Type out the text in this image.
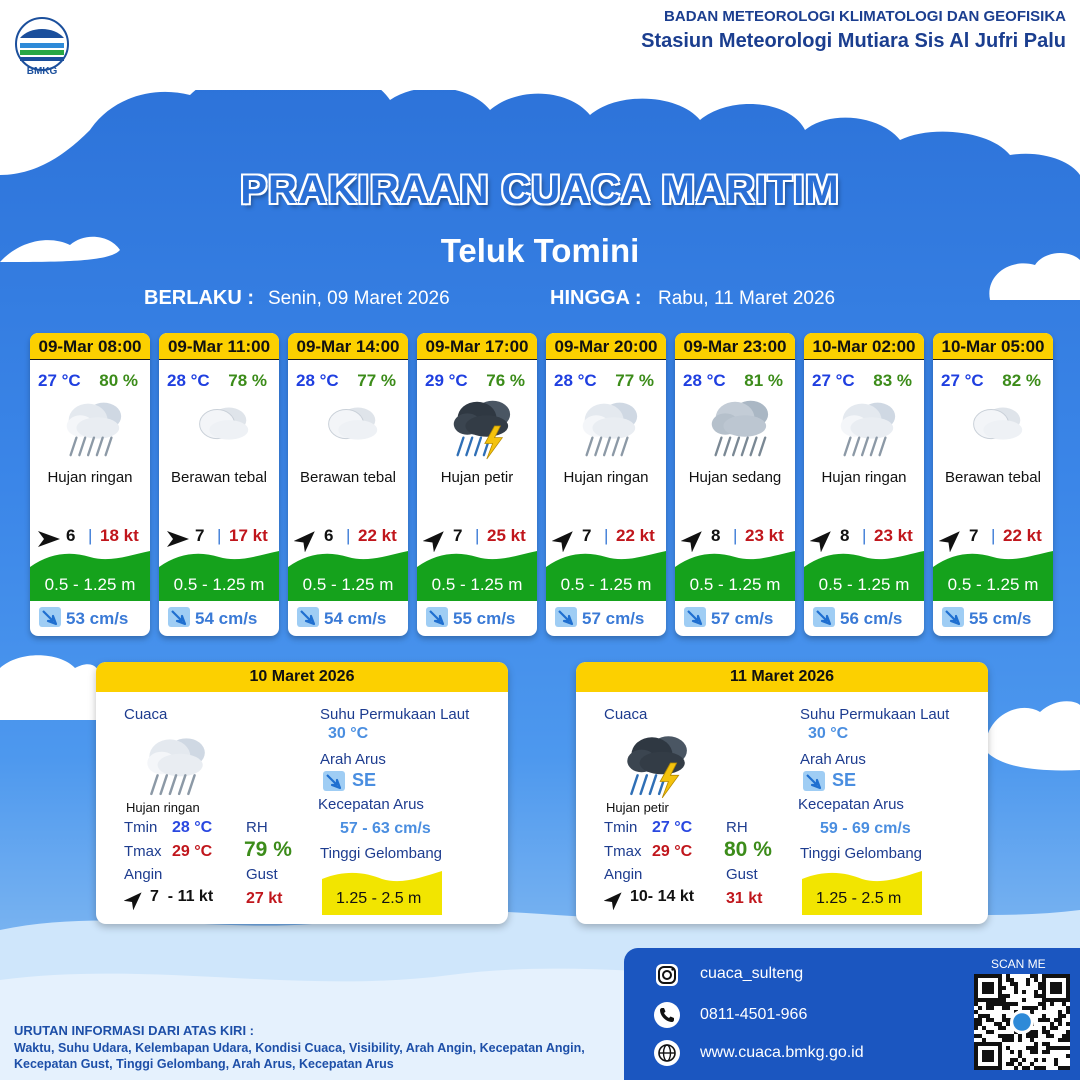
BMKG
BADAN METEOROLOGI KLIMATOLOGI DAN GEOFISIKA
Stasiun Meteorologi Mutiara Sis Al Jufri Palu
PRAKIRAAN CUACA MARITIM
Teluk Tomini
BERLAKU : Senin, 09 Maret 2026	HINGGA : Rabu, 11 Maret 2026
09-Mar 08:00
27 °C 80 %
Hujan ringan
6 | 18 kt
0.5 - 1.25 m
53 cm/s
09-Mar 11:00
28 °C 78 %
Berawan tebal
7 | 17 kt
0.5 - 1.25 m
54 cm/s
09-Mar 14:00
28 °C 77 %
Berawan tebal
6 | 22 kt
0.5 - 1.25 m
54 cm/s
09-Mar 17:00
29 °C 76 %
Hujan petir
7 | 25 kt
0.5 - 1.25 m
55 cm/s
09-Mar 20:00
28 °C 77 %
Hujan ringan
7 | 22 kt
0.5 - 1.25 m
57 cm/s
09-Mar 23:00
28 °C 81 %
Hujan sedang
8 | 23 kt
0.5 - 1.25 m
57 cm/s
10-Mar 02:00
27 °C 83 %
Hujan ringan
8 | 23 kt
0.5 - 1.25 m
56 cm/s
10-Mar 05:00
27 °C 82 %
Berawan tebal
7 | 22 kt
0.5 - 1.25 m
55 cm/s
10 Maret 2026
Cuaca
Hujan ringan
Tmin 28 °C
Tmax 29 °C
Angin
7  - 11 kt
RH
79 %
Gust
27 kt
Suhu Permukaan Laut
30 °C
Arah Arus
SE
Kecepatan Arus
57 - 63 cm/s
Tinggi Gelombang
1.25 - 2.5 m
11 Maret 2026
Cuaca
Hujan petir
Tmin 27 °C
Tmax 29 °C
Angin
10- 14 kt
RH
80 %
Gust
31 kt
Suhu Permukaan Laut
30 °C
Arah Arus
SE
Kecepatan Arus
59 - 69 cm/s
Tinggi Gelombang
1.25 - 2.5 m
URUTAN INFORMASI DARI ATAS KIRI :
Waktu, Suhu Udara, Kelembapan Udara, Kondisi Cuaca, Visibility, Arah Angin, Kecepatan Angin, Kecepatan Gust, Tinggi Gelombang, Arah Arus, Kecepatan Arus
cuaca_sulteng
0811-4501-966
www.cuaca.bmkg.go.id
SCAN ME
